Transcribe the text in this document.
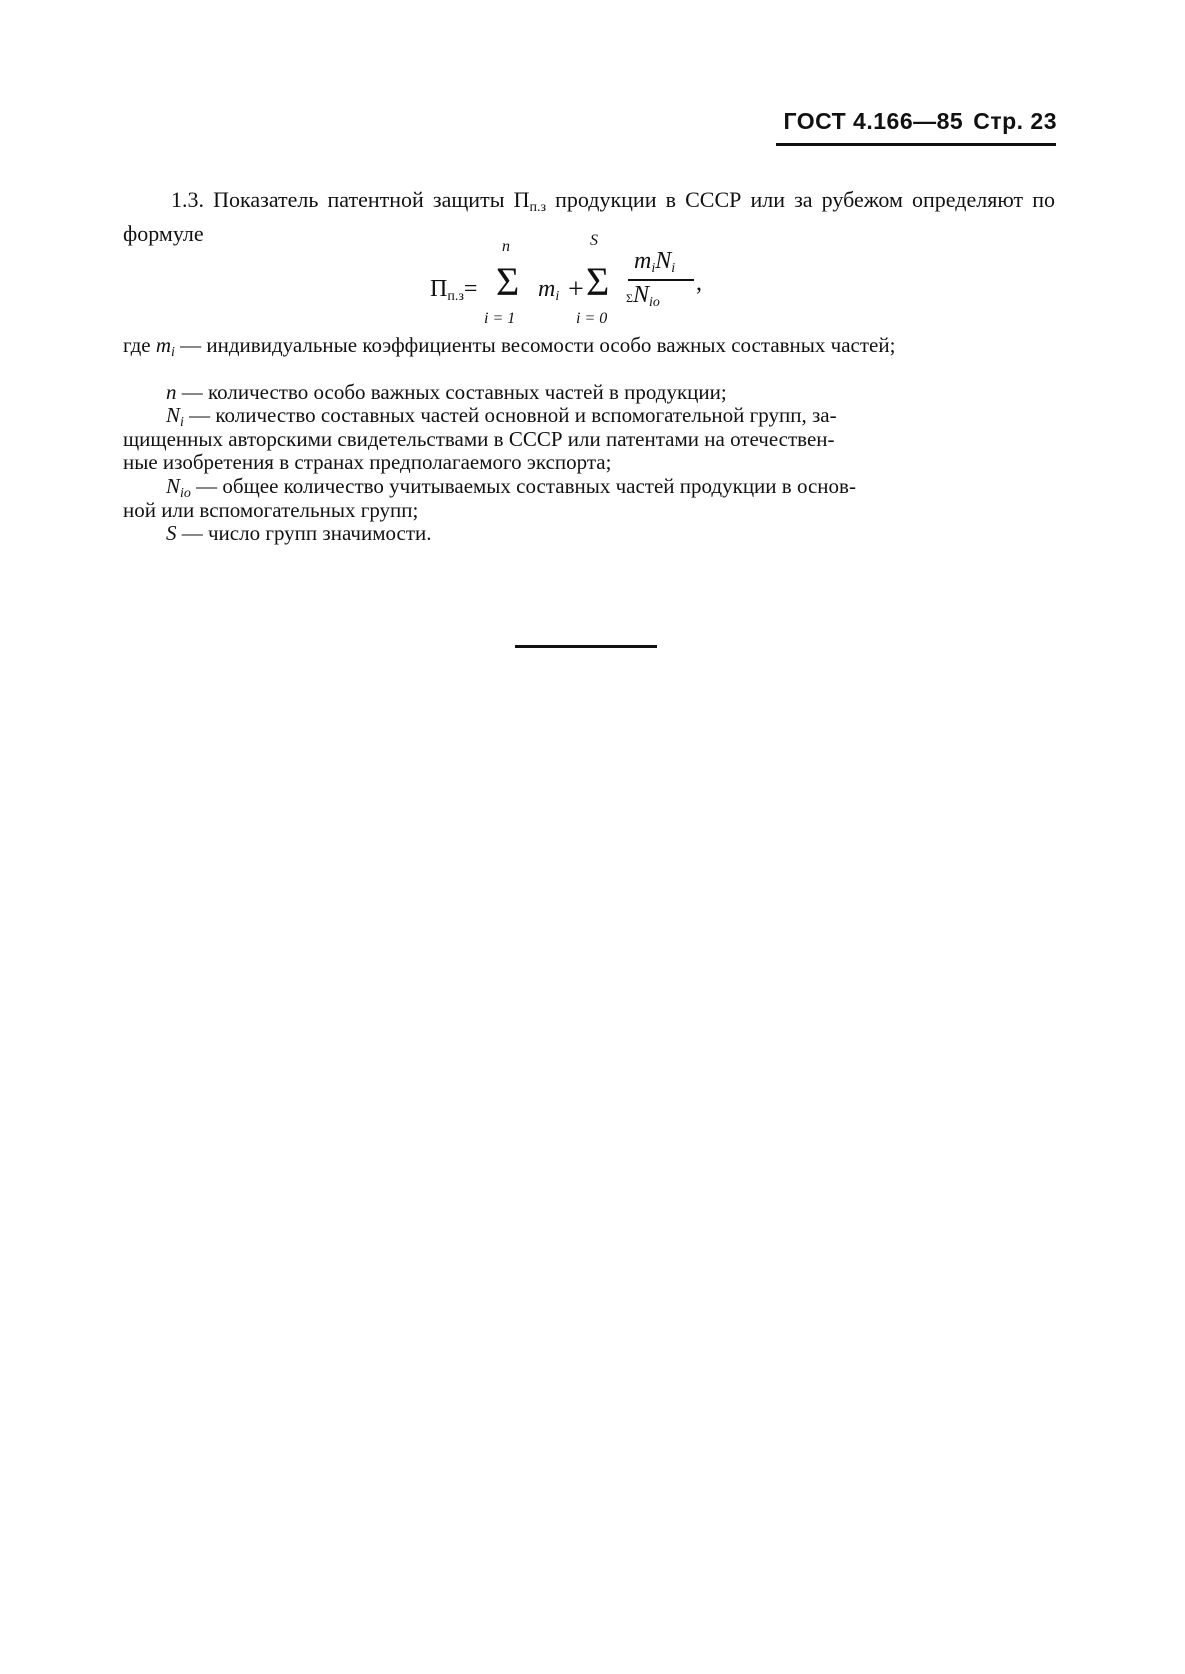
ГОСТ 4.166—85 Стр. 23
1.3. Показатель патентной защиты $П_{п.з}$ продукции в СССР или за рубежом определяют по формуле
$П_{п.з}=$
n
Σ
i = 1
$m_i$ +
S
Σ
i = 0
$m_iN_i$
$\Sigma N_{io}$
,
где $m_i$ — индивидуальные коэффициенты весомости особо важных составных частей;
n — количество особо важных составных частей в продукции;
$N_i$ — количество составных частей основной и вспомогательной групп, за-
щищенных авторскими свидетельствами в СССР или патентами на отечествен-
ные изобретения в странах предполагаемого экспорта;
$N_{io}$ — общее количество учитываемых составных частей продукции в основ-
ной или вспомогательных групп;
S — число групп значимости.
